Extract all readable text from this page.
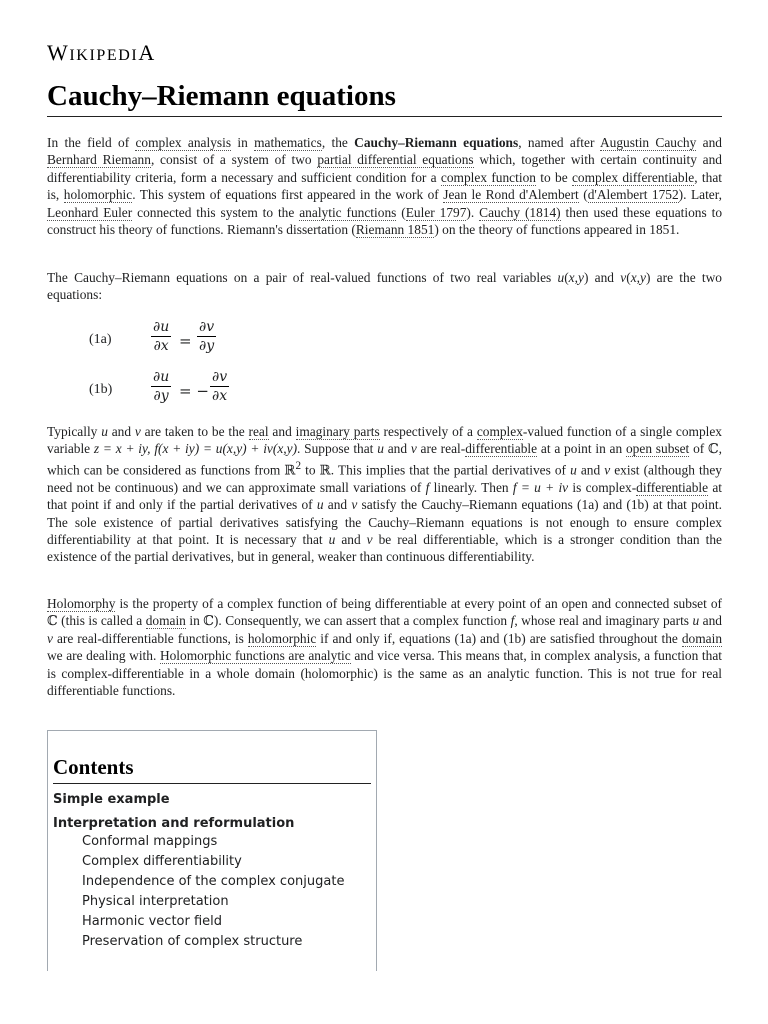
WIKIPEDIA
Cauchy–Riemann equations

In the field of complex analysis in mathematics, the Cauchy–Riemann equations, named after Augustin Cauchy and Bernhard Riemann, consist of a system of two partial differential equations which, together with certain continuity and differentiability criteria, form a necessary and sufficient condition for a complex function to be complex differentiable, that is, holomorphic. This system of equations first appeared in the work of Jean le Rond d'Alembert (d'Alembert 1752). Later, Leonhard Euler connected this system to the analytic functions (Euler 1797). Cauchy (1814) then used these equations to construct his theory of functions. Riemann's dissertation (Riemann 1851) on the theory of functions appeared in 1851.

The Cauchy–Riemann equations on a pair of real-valued functions of two real variables u(x,y) and v(x,y) are the two equations:

(1a)	$\frac{\partial u}{\partial x} = \frac{\partial v}{\partial y}$
(1b)	$\frac{\partial u}{\partial y}$ = − $\frac{\partial v}{\partial x}$

Typically u and v are taken to be the real and imaginary parts respectively of a complex-valued function of a single complex variable z = x + iy, f(x + iy) = u(x,y) + iv(x,y). Suppose that u and v are real-differentiable at a point in an open subset of ℂ, which can be considered as functions from ℝ$^2$ to ℝ. This implies that the partial derivatives of u and v exist (although they need not be continuous) and we can approximate small variations of f linearly. Then f = u + iv is complex-differentiable at that point if and only if the partial derivatives of u and v satisfy the Cauchy–Riemann equations (1a) and (1b) at that point. The sole existence of partial derivatives satisfying the Cauchy–Riemann equations is not enough to ensure complex differentiability at that point. It is necessary that u and v be real differentiable, which is a stronger condition than the existence of the partial derivatives, but in general, weaker than continuous differentiability.

Holomorphy is the property of a complex function of being differentiable at every point of an open and connected subset of ℂ (this is called a domain in ℂ). Consequently, we can assert that a complex function f, whose real and imaginary parts u and v are real-differentiable functions, is holomorphic if and only if, equations (1a) and (1b) are satisfied throughout the domain we are dealing with. Holomorphic functions are analytic and vice versa. This means that, in complex analysis, a function that is complex-differentiable in a whole domain (holomorphic) is the same as an analytic function. This is not true for real differentiable functions.

Contents
Simple example
Interpretation and reformulation
Conformal mappings
Complex differentiability
Independence of the complex conjugate
Physical interpretation
Harmonic vector field
Preservation of complex structure
